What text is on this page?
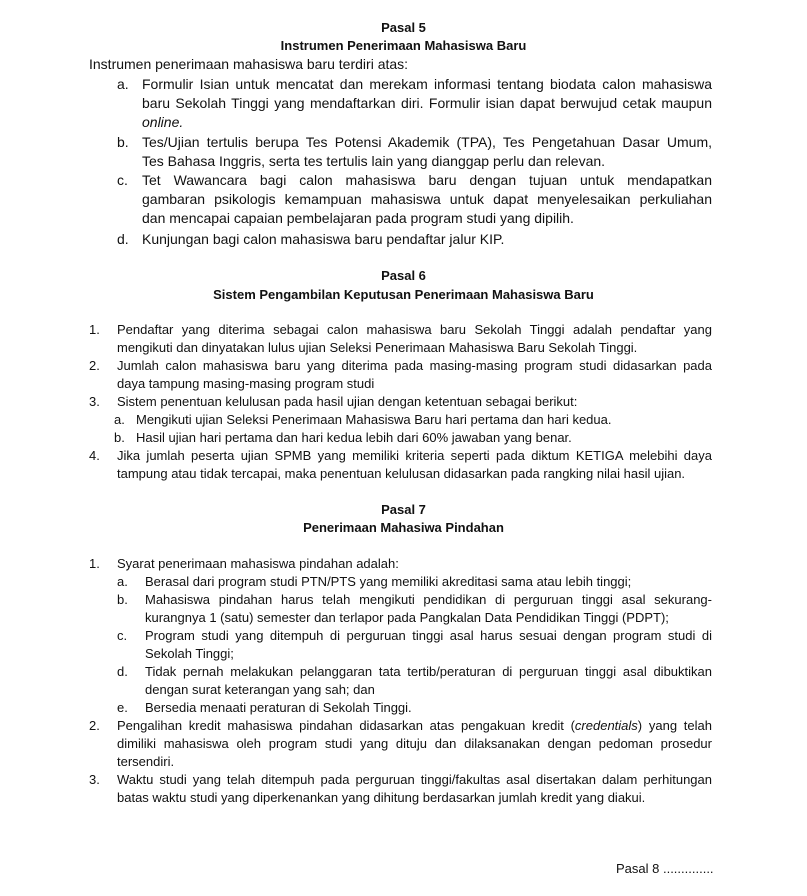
Pasal 5
Instrumen Penerimaan Mahasiswa Baru
Instrumen penerimaan mahasiswa baru terdiri atas:
a. Formulir Isian untuk mencatat dan merekam informasi tentang biodata calon mahasiswa
baru Sekolah Tinggi yang mendaftarkan diri. Formulir isian dapat berwujud cetak maupun
online.
b. Tes/Ujian tertulis berupa Tes Potensi Akademik (TPA), Tes Pengetahuan Dasar Umum,
Tes Bahasa Inggris, serta tes tertulis lain yang dianggap perlu dan relevan.
c. Tet Wawancara bagi calon mahasiswa baru dengan tujuan untuk mendapatkan
gambaran psikologis kemampuan mahasiswa untuk dapat menyelesaikan perkuliahan
dan mencapai capaian pembelajaran pada program studi yang dipilih.
d. Kunjungan bagi calon mahasiswa baru pendaftar jalur KIP.
Pasal 6
Sistem Pengambilan Keputusan Penerimaan Mahasiswa Baru
1. Pendaftar yang diterima sebagai calon mahasiswa baru Sekolah Tinggi adalah pendaftar yang
mengikuti dan dinyatakan lulus ujian Seleksi Penerimaan Mahasiswa Baru Sekolah Tinggi.
2. Jumlah calon mahasiswa baru yang diterima pada masing-masing program studi didasarkan pada
daya tampung masing-masing program studi
3. Sistem penentuan kelulusan pada hasil ujian dengan ketentuan sebagai berikut:
a. Mengikuti ujian Seleksi Penerimaan Mahasiswa Baru hari pertama dan hari kedua.
b. Hasil ujian hari pertama dan hari kedua lebih dari 60% jawaban yang benar.
4. Jika jumlah peserta ujian SPMB yang memiliki kriteria seperti pada diktum KETIGA melebihi daya
tampung atau tidak tercapai, maka penentuan kelulusan didasarkan pada rangking nilai hasil ujian.
Pasal 7
Penerimaan Mahasiwa Pindahan
1. Syarat penerimaan mahasiswa pindahan adalah:
a. Berasal dari program studi PTN/PTS yang memiliki akreditasi sama atau lebih tinggi;
b. Mahasiswa pindahan harus telah mengikuti pendidikan di perguruan tinggi asal sekurang-
kurangnya 1 (satu) semester dan terlapor pada Pangkalan Data Pendidikan Tinggi (PDPT);
c. Program studi yang ditempuh di perguruan tinggi asal harus sesuai dengan program studi di
Sekolah Tinggi;
d. Tidak pernah melakukan pelanggaran tata tertib/peraturan di perguruan tinggi asal dibuktikan
dengan surat keterangan yang sah; dan
e. Bersedia menaati peraturan di Sekolah Tinggi.
2. Pengalihan kredit mahasiswa pindahan didasarkan atas pengakuan kredit (credentials) yang telah
dimiliki mahasiswa oleh program studi yang dituju dan dilaksanakan dengan pedoman prosedur
tersendiri.
3. Waktu studi yang telah ditempuh pada perguruan tinggi/fakultas asal disertakan dalam perhitungan
batas waktu studi yang diperkenankan yang dihitung berdasarkan jumlah kredit yang diakui.
Pasal 8 ..............
